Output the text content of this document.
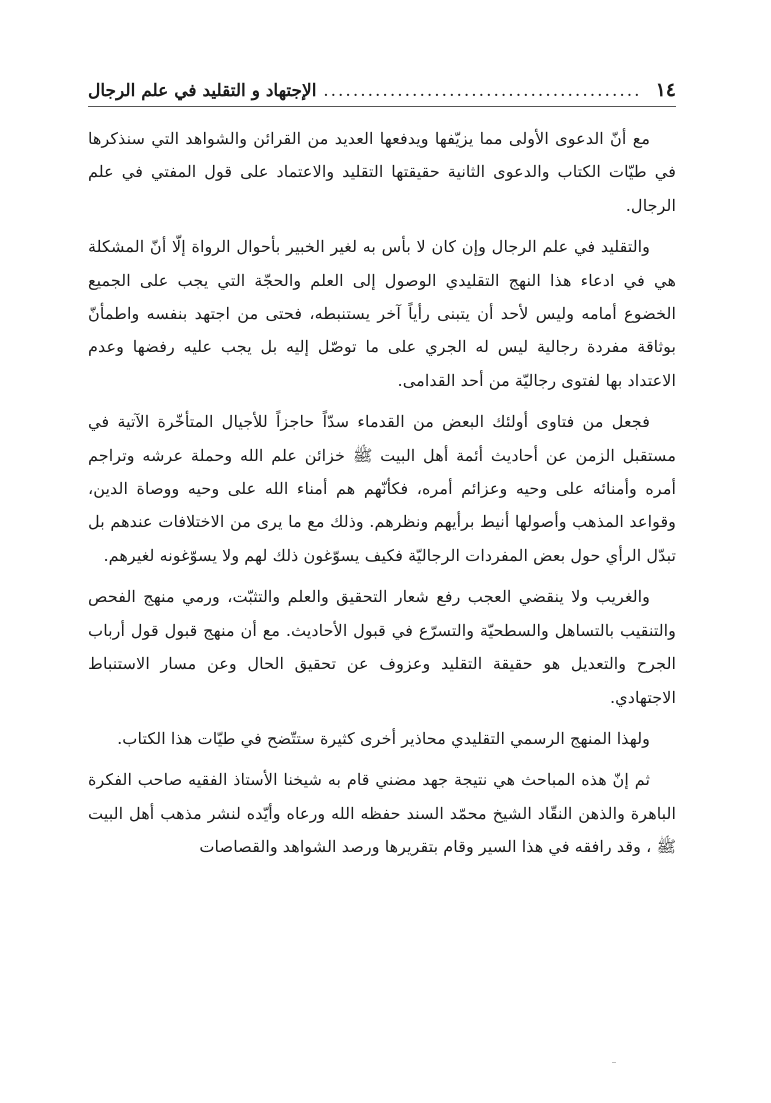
١٤
.....
الإجتهاد و التقليد في علم الرجال

مع أنّ الدعوى الأولى مما يزيّفها ويدفعها العديد من القرائن والشواهد التي سنذكرها في طيّات الكتاب والدعوى الثانية حقيقتها التقليد والاعتماد على قول المفتي في علم الرجال.

والتقليد في علم الرجال وإن كان لا بأس به لغير الخبير بأحوال الرواة إلّا أنّ المشكلة هي في ادعاء هذا النهج التقليدي الوصول إلى العلم والحجّة التي يجب على الجميع الخضوع أمامه وليس لأحد أن يتبنى رأياً آخر يستنبطه، فحتى من اجتهد بنفسه واطمأنّ بوثاقة مفردة رجالية ليس له الجري على ما توصّل إليه بل يجب عليه رفضها وعدم الاعتداد بها لفتوى رجاليّة من أحد القدامى.

فجعل من فتاوى أولئك البعض من القدماء سدّاً حاجزاً للأجيال المتأخّرة الآتية في مستقبل الزمن عن أحاديث أئمة أهل البيت ﷺ خزائن علم الله وحملة عرشه وتراجم أمره وأمنائه على وحيه وعزائم أمره، فكأنّهم هم أمناء الله على وحيه ووصاة الدين، وقواعد المذهب وأصولها أنيط برأيهم ونظرهم. وذلك مع ما يرى من الاختلافات عندهم بل تبدّل الرأي حول بعض المفردات الرجاليّة فكيف يسوّغون ذلك لهم ولا يسوّغونه لغيرهم.

والغريب ولا ينقضي العجب رفع شعار التحقيق والعلم والتثبّت، ورمي منهج الفحص والتنقيب بالتساهل والسطحيّة والتسرّع في قبول الأحاديث. مع أن منهج قبول قول أرباب الجرح والتعديل هو حقيقة التقليد وعزوف عن تحقيق الحال وعن مسار الاستنباط الاجتهادي.

ولهذا المنهج الرسمي التقليدي محاذير أخرى كثيرة ستتّضح في طيّات هذا الكتاب.

ثم إنّ هذه المباحث هي نتيجة جهد مضني قام به شيخنا الأستاذ الفقيه صاحب الفكرة الباهرة والذهن النقّاد الشيخ محمّد السند حفظه الله ورعاه وأيّده لنشر مذهب أهل البيت ﷺ ، وقد رافقه في هذا السير وقام بتقريرها ورصد الشواهد والقصاصات
